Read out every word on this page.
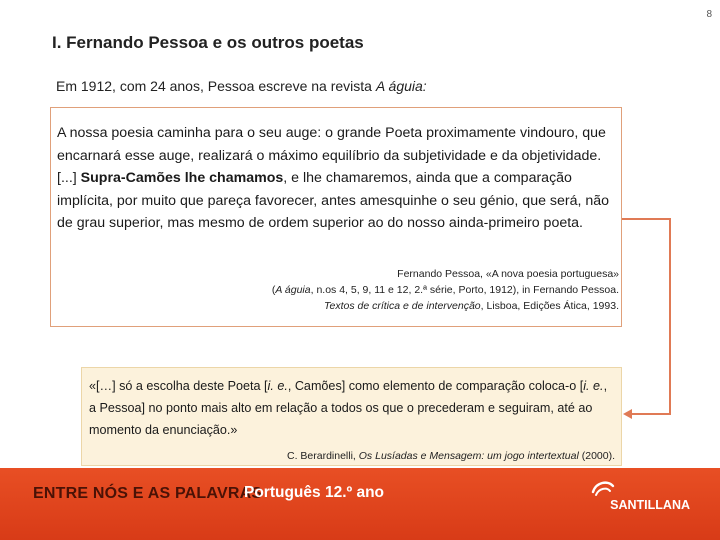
8
I. Fernando Pessoa e os outros poetas
Em 1912, com 24 anos, Pessoa escreve na revista A águia:
A nossa poesia caminha para o seu auge: o grande Poeta proximamente vindouro, que encarnará esse auge, realizará o máximo equilíbrio da subjetividade e da objetividade. [...] Supra-Camões lhe chamamos, e lhe chamaremos, ainda que a comparação implícita, por muito que pareça favorecer, antes amesquinhe o seu génio, que será, não de grau superior, mas mesmo de ordem superior ao do nosso ainda-primeiro poeta.
Fernando Pessoa, «A nova poesia portuguesa»
(A águia, n.os 4, 5, 9, 11 e 12, 2.ª série, Porto, 1912), in Fernando Pessoa.
Textos de crítica e de intervenção, Lisboa, Edições Ática, 1993.
«[…] só a escolha deste Poeta [i. e., Camões] como elemento de comparação coloca-o [i. e., a Pessoa] no ponto mais alto em relação a todos os que o precederam e seguiram, até ao momento da enunciação.»
C. Berardinelli, Os Lusíadas e Mensagem: um jogo intertextual (2000).
ENTRE NÓS E AS PALAVRAS
Português 12.º ano
SANTILLANA
